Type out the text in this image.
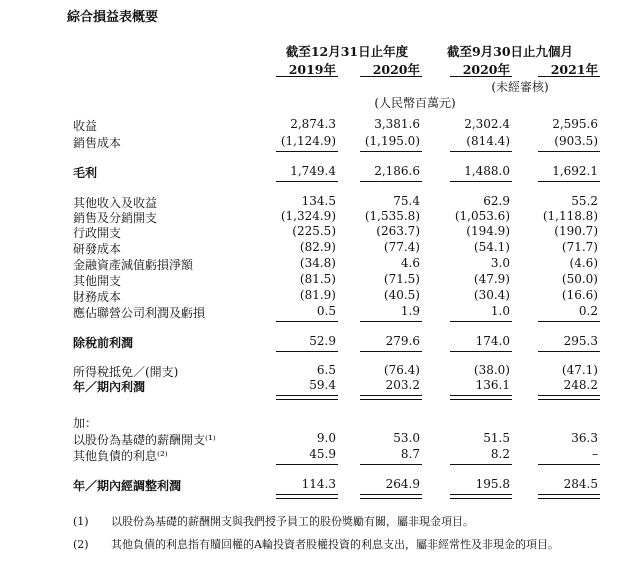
綜合損益表概要
截至12月31日止年度	截至9月30日止九個月
2019年	2020年	2020年	2021年
(未經審核)
(人民幣百萬元)
收益	2,874.3	3,381.6	2,302.4	2,595.6
銷售成本	(1,124.9)	(1,195.0)	(814.4)	(903.5)
毛利	1,749.4	2,186.6	1,488.0	1,692.1
其他收入及收益	134.5	75.4	62.9	55.2
銷售及分銷開支	(1,324.9)	(1,535.8)	(1,053.6)	(1,118.8)
行政開支	(225.5)	(263.7)	(194.9)	(190.7)
研發成本	(82.9)	(77.4)	(54.1)	(71.7)
金融資產減值虧損淨額	(34.8)	4.6	3.0	(4.6)
其他開支	(81.5)	(71.5)	(47.9)	(50.0)
財務成本	(81.9)	(40.5)	(30.4)	(16.6)
應佔聯營公司利潤及虧損	0.5	1.9	1.0	0.2
除稅前利潤	52.9	279.6	174.0	295.3
所得稅抵免／(開支)	6.5	(76.4)	(38.0)	(47.1)
年／期內利潤	59.4	203.2	136.1	248.2
加：
以股份為基礎的薪酬開支⁽¹⁾	9.0	53.0	51.5	36.3
其他負債的利息⁽²⁾	45.9	8.7	8.2	–
年／期內經調整利潤	114.3	264.9	195.8	284.5
(1) 以股份為基礎的薪酬開支與我們授予員工的股份獎勵有關，屬非現金項目。
(2) 其他負債的利息指有贖回權的A輪投資者股權投資的利息支出，屬非經常性及非現金的項目。
